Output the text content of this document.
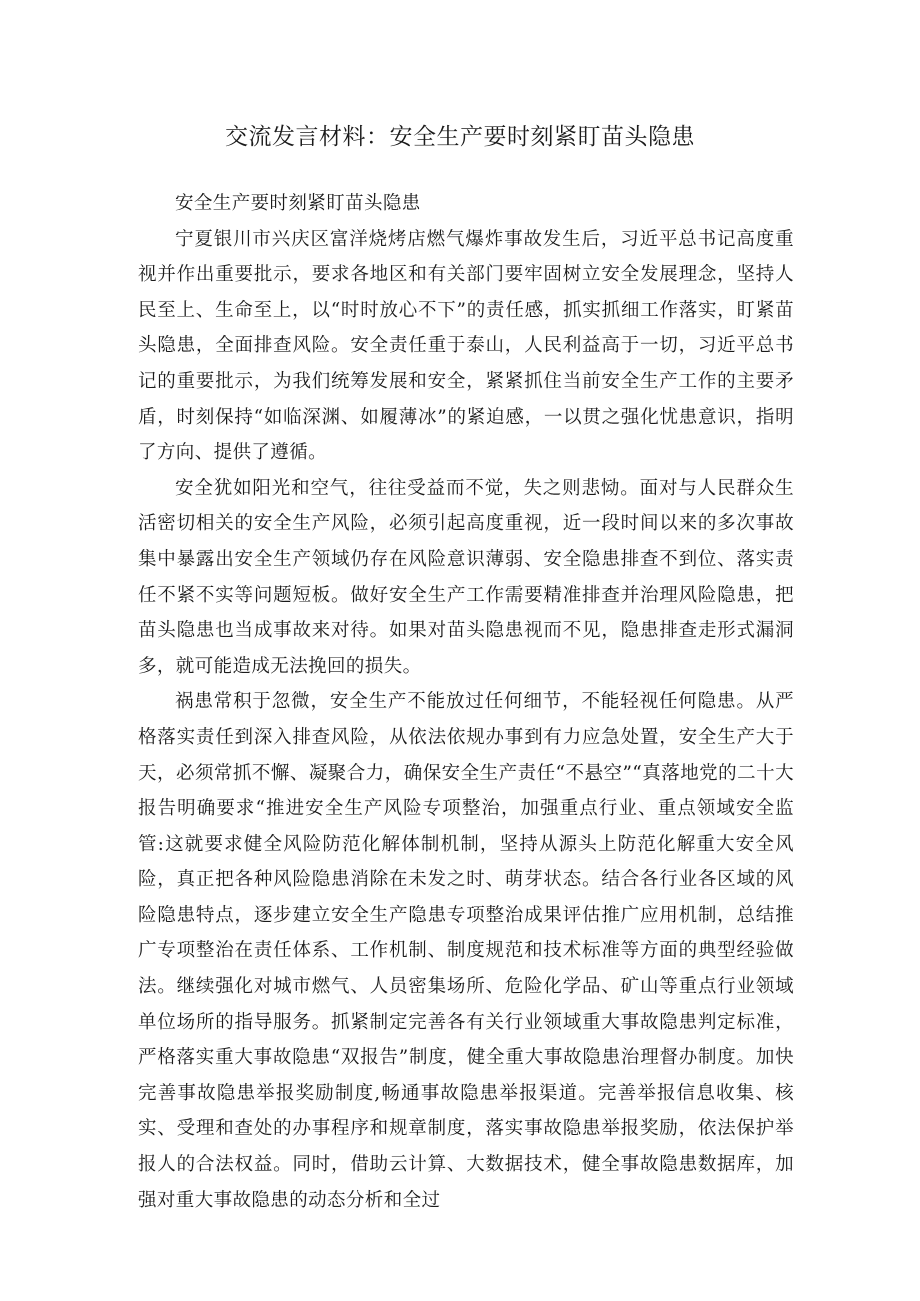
交流发言材料：安全生产要时刻紧盯苗头隐患

安全生产要时刻紧盯苗头隐患

宁夏银川市兴庆区富洋烧烤店燃气爆炸事故发生后，习近平总书记高度重视并作出重要批示，要求各地区和有关部门要牢固树立安全发展理念，坚持人民至上、生命至上，以“时时放心不下”的责任感，抓实抓细工作落实，盯紧苗头隐患，全面排查风险。安全责任重于泰山，人民利益高于一切，习近平总书记的重要批示，为我们统筹发展和安全，紧紧抓住当前安全生产工作的主要矛盾，时刻保持“如临深渊、如履薄冰”的紧迫感，一以贯之强化忧患意识，指明了方向、提供了遵循。

安全犹如阳光和空气，往往受益而不觉，失之则悲恸。面对与人民群众生活密切相关的安全生产风险，必须引起高度重视，近一段时间以来的多次事故集中暴露出安全生产领域仍存在风险意识薄弱、安全隐患排查不到位、落实责任不紧不实等问题短板。做好安全生产工作需要精准排查并治理风险隐患，把苗头隐患也当成事故来对待。如果对苗头隐患视而不见，隐患排查走形式漏洞多，就可能造成无法挽回的损失。

祸患常积于忽微，安全生产不能放过任何细节，不能轻视任何隐患。从严格落实责任到深入排查风险，从依法依规办事到有力应急处置，安全生产大于天，必须常抓不懈、凝聚合力，确保安全生产责任“不悬空”“真落地党的二十大报告明确要求“推进安全生产风险专项整治，加强重点行业、重点领域安全监管:这就要求健全风险防范化解体制机制，坚持从源头上防范化解重大安全风险，真正把各种风险隐患消除在未发之时、萌芽状态。结合各行业各区域的风险隐患特点，逐步建立安全生产隐患专项整治成果评估推广应用机制，总结推广专项整治在责任体系、工作机制、制度规范和技术标准等方面的典型经验做法。继续强化对城市燃气、人员密集场所、危险化学品、矿山等重点行业领域单位场所的指导服务。抓紧制定完善各有关行业领域重大事故隐患判定标准，严格落实重大事故隐患“双报告”制度，健全重大事故隐患治理督办制度。加快完善事故隐患举报奖励制度,畅通事故隐患举报渠道。完善举报信息收集、核实、受理和查处的办事程序和规章制度，落实事故隐患举报奖励，依法保护举报人的合法权益。同时，借助云计算、大数据技术，健全事故隐患数据库，加强对重大事故隐患的动态分析和全过
